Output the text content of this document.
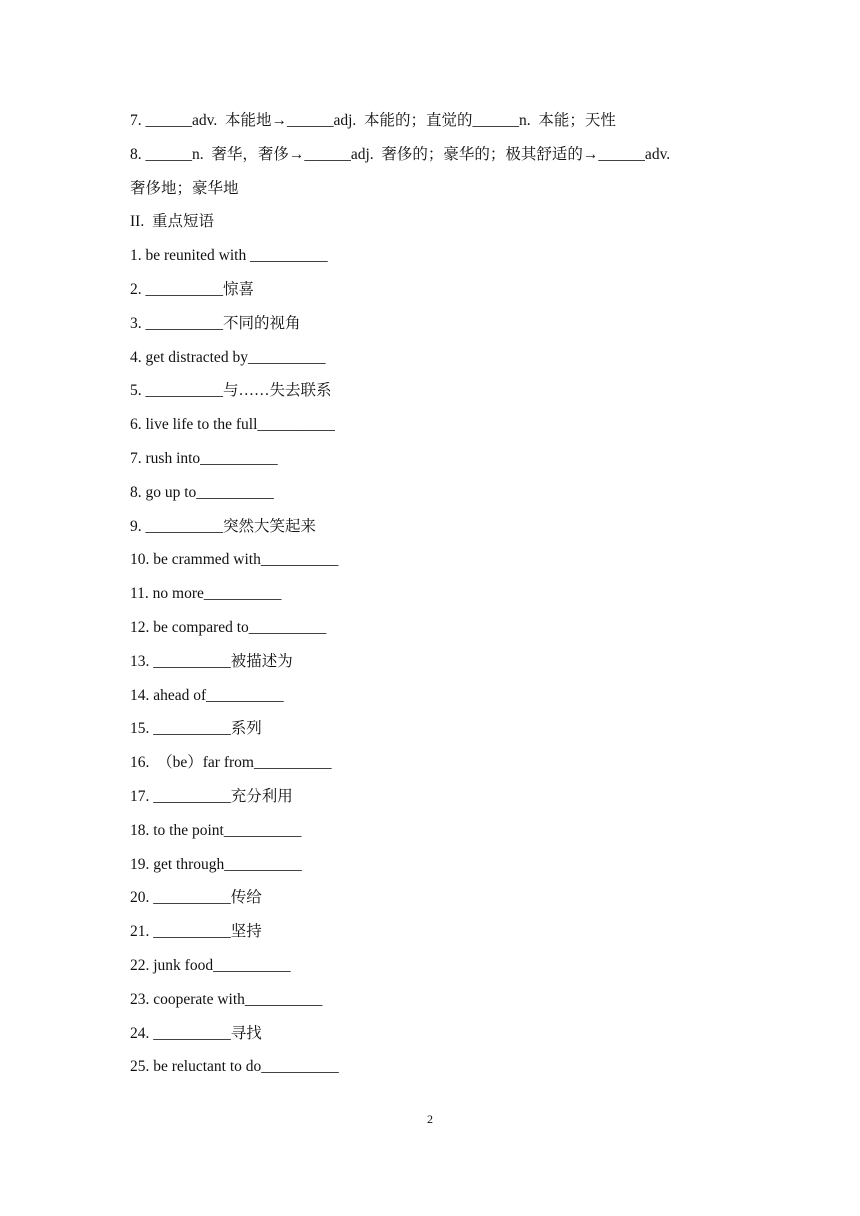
7. ______adv.  本能地→______adj.  本能的；直觉的______n.  本能；天性
8. ______n.  奢华，奢侈→______adj.  奢侈的；豪华的；极其舒适的→______adv.
奢侈地；豪华地
II.  重点短语
1. be reunited with __________
2. __________惊喜
3. __________不同的视角
4. get distracted by__________
5. __________与……失去联系
6. live life to the full__________
7. rush into__________
8. go up to__________
9. __________突然大笑起来
10. be crammed with__________
11. no more__________
12. be compared to__________
13. __________被描述为
14. ahead of__________
15. __________系列
16.  （be）far from__________
17. __________充分利用
18. to the point__________
19. get through__________
20. __________传给
21. __________坚持
22. junk food__________
23. cooperate with__________
24. __________寻找
25. be reluctant to do__________
2
